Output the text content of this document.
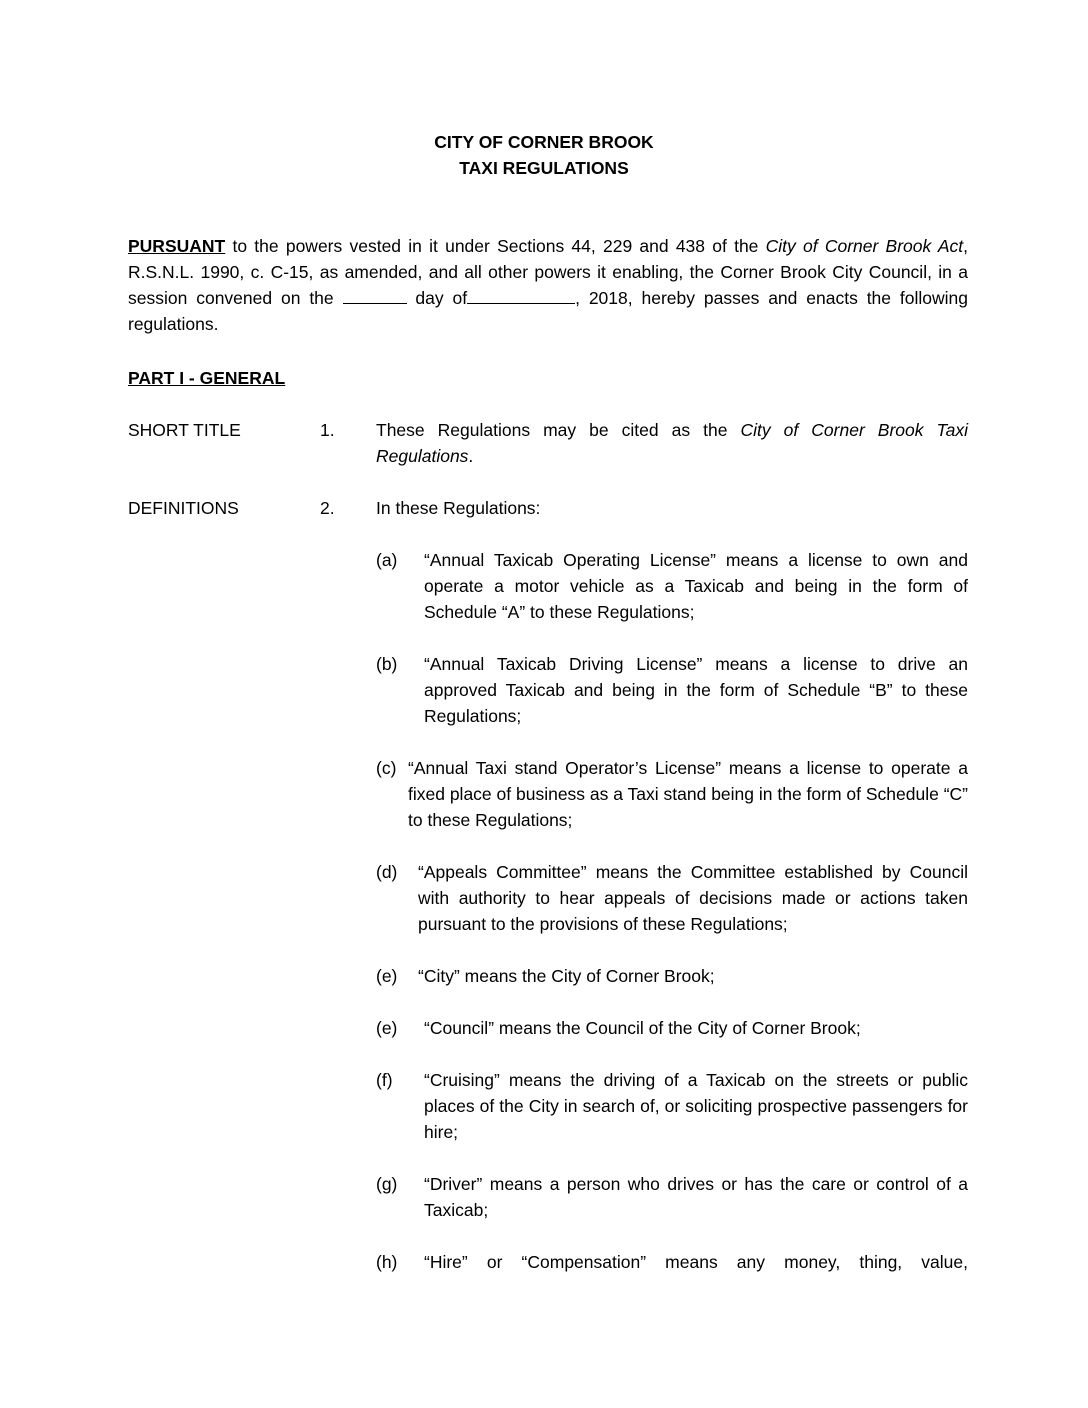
CITY OF CORNER BROOK
TAXI REGULATIONS
PURSUANT to the powers vested in it under Sections 44, 229 and 438 of the City of Corner Brook Act, R.S.N.L. 1990, c. C-15, as amended, and all other powers it enabling, the Corner Brook City Council, in a session convened on the	day of	, 2018, hereby passes and enacts the following regulations.
PART I - GENERAL
SHORT TITLE	1. These Regulations may be cited as the City of Corner Brook Taxi Regulations.
DEFINITIONS	2. In these Regulations:
(a) “Annual Taxicab Operating License” means a license to own and operate a motor vehicle as a Taxicab and being in the form of Schedule “A” to these Regulations;
(b) “Annual Taxicab Driving License” means a license to drive an approved Taxicab and being in the form of Schedule “B” to these Regulations;
(c) “Annual Taxi stand Operator’s License” means a license to operate a fixed place of business as a Taxi stand being in the form of Schedule “C” to these Regulations;
(d) “Appeals Committee” means the Committee established by Council with authority to hear appeals of decisions made or actions taken pursuant to the provisions of these Regulations;
(e) “City” means the City of Corner Brook;
(e) “Council” means the Council of the City of Corner Brook;
(f) “Cruising” means the driving of a Taxicab on the streets or public places of the City in search of, or soliciting prospective passengers for hire;
(g) “Driver” means a person who drives or has the care or control of a Taxicab;
(h) “Hire” or “Compensation” means any money, thing, value,
